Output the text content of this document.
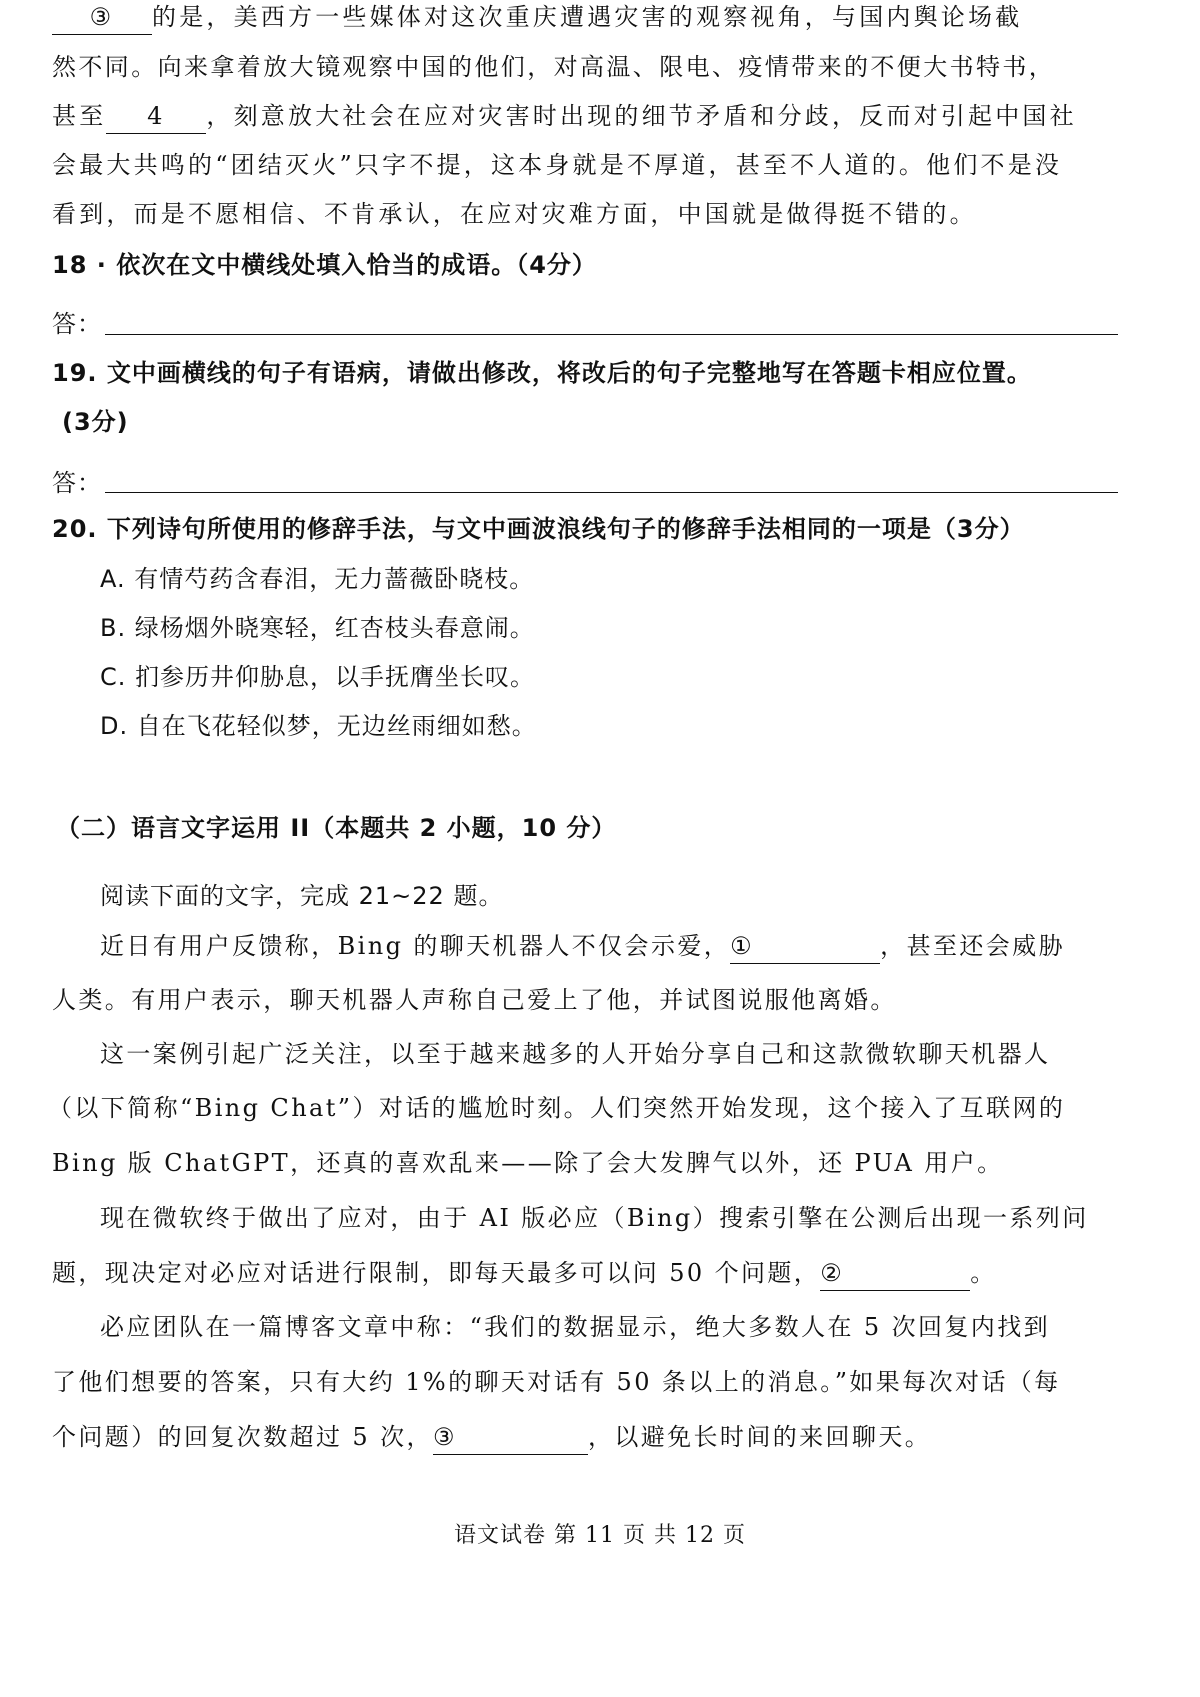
③ 的是，美西方一些媒体对这次重庆遭遇灾害的观察视角，与国内舆论场截
然不同。向来拿着放大镜观察中国的他们，对高温、限电、疫情带来的不便大书特书，
甚至 4 ，刻意放大社会在应对灾害时出现的细节矛盾和分歧，反而对引起中国社
会最大共鸣的“团结灭火”只字不提，这本身就是不厚道，甚至不人道的。他们不是没
看到，而是不愿相信、不肯承认，在应对灾难方面，中国就是做得挺不错的。
18 · 依次在文中横线处填入恰当的成语。（4分）
答：
19. 文中画横线的句子有语病，请做出修改，将改后的句子完整地写在答题卡相应位置。
(3分)
答：
20. 下列诗句所使用的修辞手法，与文中画波浪线句子的修辞手法相同的一项是（3分）
A. 有情芍药含春泪，无力蔷薇卧晓枝。
B. 绿杨烟外晓寒轻，红杏枝头春意闹。
C. 扪参历井仰胁息，以手抚膺坐长叹。
D. 自在飞花轻似梦，无边丝雨细如愁。
（二）语言文字运用 II（本题共 2 小题，10 分）
阅读下面的文字，完成 21~22 题。
近日有用户反馈称，Bing 的聊天机器人不仅会示爱，①	，甚至还会威胁
人类。有用户表示，聊天机器人声称自己爱上了他，并试图说服他离婚。
这一案例引起广泛关注，以至于越来越多的人开始分享自己和这款微软聊天机器人
（以下简称“Bing Chat”）对话的尴尬时刻。人们突然开始发现，这个接入了互联网的
Bing 版 ChatGPT，还真的喜欢乱来——除了会大发脾气以外，还 PUA 用户。
现在微软终于做出了应对，由于 AI 版必应（Bing）搜索引擎在公测后出现一系列问
题，现决定对必应对话进行限制，即每天最多可以问 50 个问题，②	。
必应团队在一篇博客文章中称：“我们的数据显示，绝大多数人在 5 次回复内找到
了他们想要的答案，只有大约 1%的聊天对话有 50 条以上的消息。”如果每次对话（每
个问题）的回复次数超过 5 次，③	，以避免长时间的来回聊天。
语文试卷 第 11 页 共 12 页
